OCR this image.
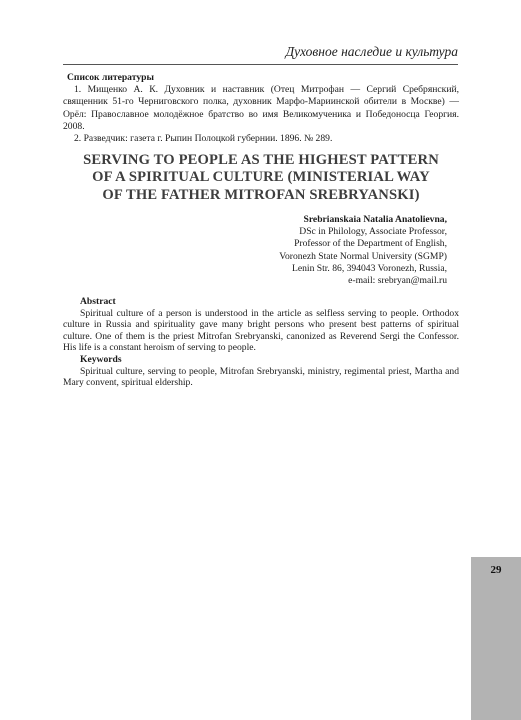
Духовное наследие и культура
Список литературы

1. Мищенко А. К. Духовник и наставник (Отец Митрофан — Сергий Сребрянский, священник 51-го Черниговского полка, духовник Марфо-Мариинской обители в Москве) — Орёл: Православное молодёжное братство во имя Великомученика и Победоносца Георгия. 2008.

2. Разведчик: газета г. Рыпин Полоцкой губернии. 1896. № 289.

SERVING TO PEOPLE AS THE HIGHEST PATTERN
OF A SPIRITUAL CULTURE (MINISTERIAL WAY
OF THE FATHER MITROFAN SREBRYANSKI)
Srebrianskaia Natalia Anatolievna,
DSc in Philology, Associate Professor,
Professor of the Department of English,
Voronezh State Normal University (SGMP)
Lenin Str. 86, 394043 Voronezh, Russia,
e-mail: srebryan@mail.ru
Abstract

Spiritual culture of a person is understood in the article as selfless serving to people. Orthodox culture in Russia and spirituality gave many bright persons who present best patterns of spiritual culture. One of them is the priest Mitrofan Srebryanski, canonized as Reverend Sergi the Confessor. His life is a constant heroism of serving to people.

Keywords

Spiritual culture, serving to people, Mitrofan Srebryanski, ministry, regimental priest, Martha and Mary convent, spiritual eldership.

29
